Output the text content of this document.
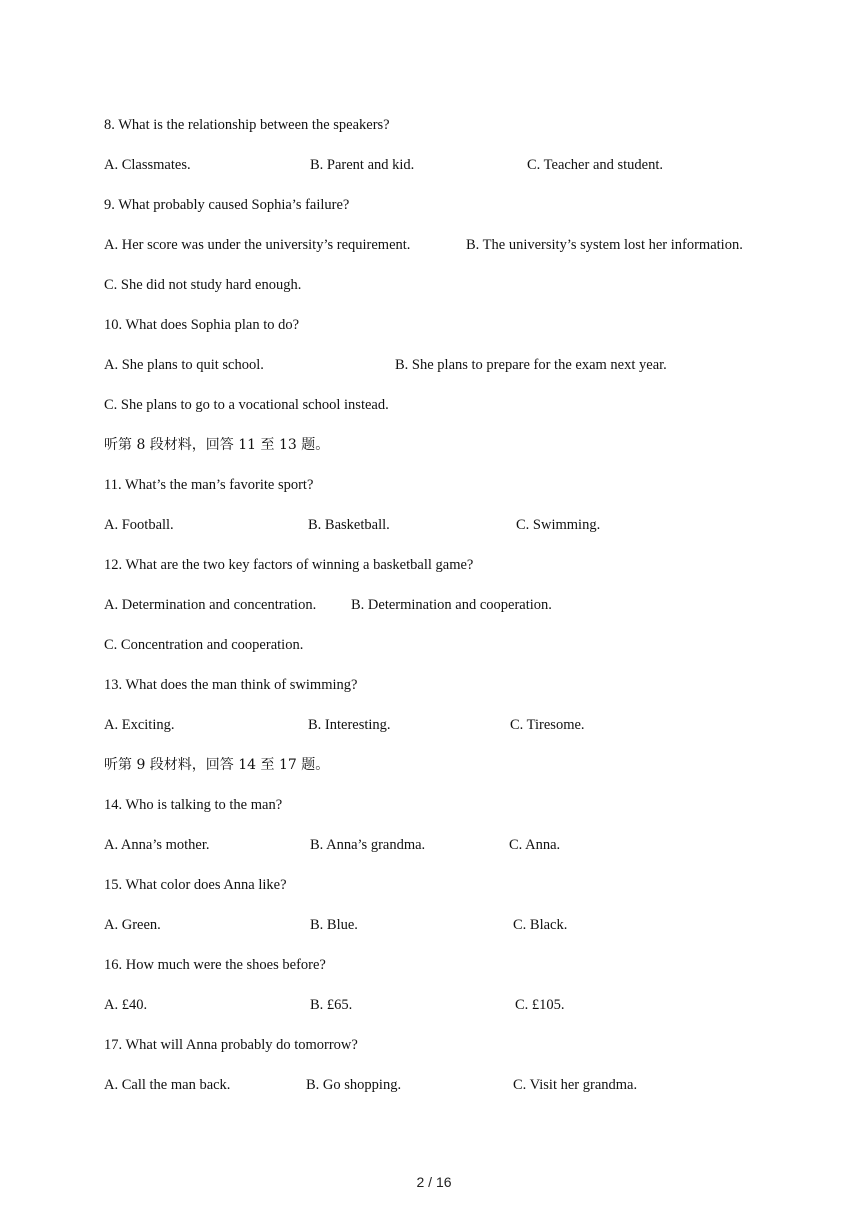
8. What is the relationship between the speakers?
A. Classmates.	B. Parent and kid.	C. Teacher and student.
9. What probably caused Sophia’s failure?
A. Her score was under the university’s requirement.	B. The university’s system lost her information.
C. She did not study hard enough.
10. What does Sophia plan to do?
A. She plans to quit school.	B. She plans to prepare for the exam next year.
C. She plans to go to a vocational school instead.
听第 8 段材料，回答 11 至 13 题。
11. What’s the man’s favorite sport?
A. Football.	B. Basketball.	C. Swimming.
12. What are the two key factors of winning a basketball game?
A. Determination and concentration. B. Determination and cooperation.
C. Concentration and cooperation.
13. What does the man think of swimming?
A. Exciting.	B. Interesting.	C. Tiresome.
听第 9 段材料，回答 14 至 17 题。
14. Who is talking to the man?
A. Anna’s mother.	B. Anna’s grandma.	C. Anna.
15. What color does Anna like?
A. Green.	B. Blue.	C. Black.
16. How much were the shoes before?
A. £40.	B. £65.	C. £105.
17. What will Anna probably do tomorrow?
A. Call the man back.	B. Go shopping.	C. Visit her grandma.
2 / 16
